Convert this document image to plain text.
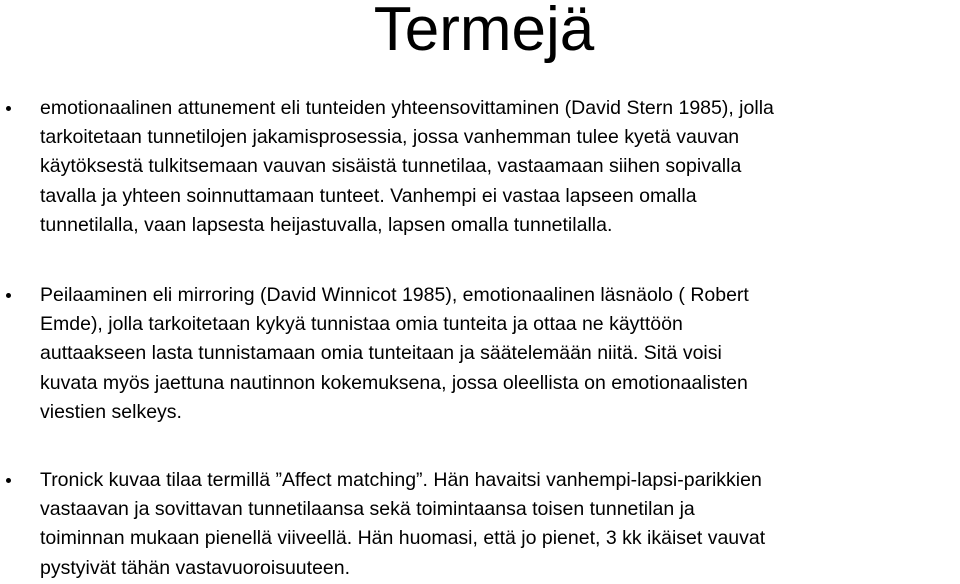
Termejä

emotionaalinen attunement eli tunteiden yhteensovittaminen (David Stern 1985), jolla
tarkoitetaan tunnetilojen jakamisprosessia, jossa vanhemman tulee kyetä vauvan
käytöksestä tulkitsemaan vauvan sisäistä tunnetilaa, vastaamaan siihen sopivalla
tavalla ja yhteen soinnuttamaan tunteet. Vanhempi ei vastaa lapseen omalla
tunnetilalla, vaan lapsesta heijastuvalla, lapsen omalla tunnetilalla.

Peilaaminen eli mirroring (David Winnicot 1985), emotionaalinen läsnäolo ( Robert
Emde), jolla tarkoitetaan kykyä tunnistaa omia tunteita ja ottaa ne käyttöön
auttaakseen lasta tunnistamaan omia tunteitaan ja säätelemään niitä. Sitä voisi
kuvata myös jaettuna nautinnon kokemuksena, jossa oleellista on emotionaalisten
viestien selkeys.

Tronick kuvaa tilaa termillä ”Affect matching”. Hän havaitsi vanhempi-lapsi-parikkien
vastaavan ja sovittavan tunnetilaansa sekä toimintaansa toisen tunnetilan ja
toiminnan mukaan pienellä viiveellä. Hän huomasi, että jo pienet, 3 kk ikäiset vauvat
pystyivät tähän vastavuoroisuuteen.
